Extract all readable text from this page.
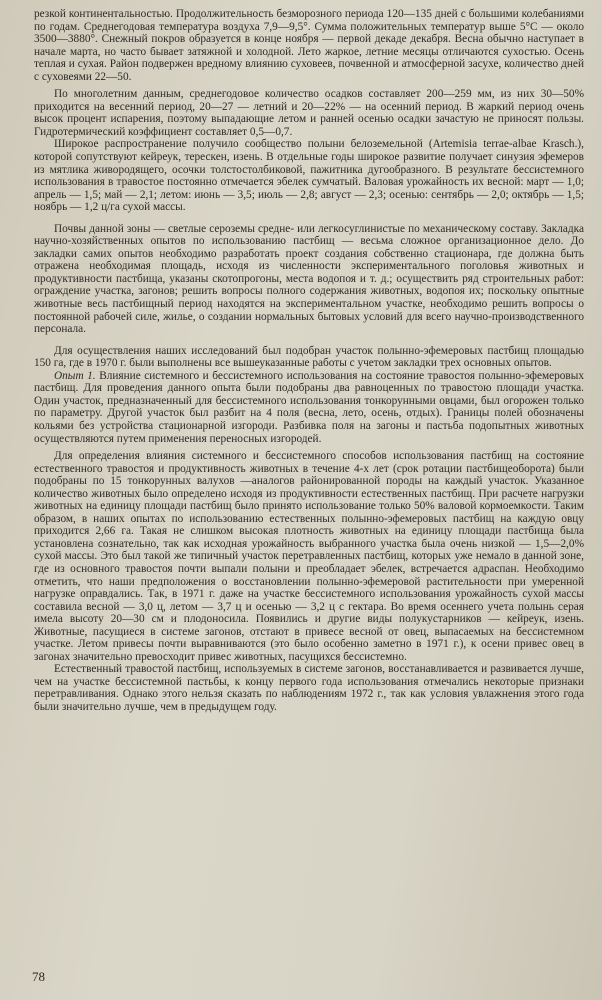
резкой континентальностью. Продолжительность безморозного периода 120—135 дней с большими колебаниями по годам. Среднегодовая температура воздуха 7,9—9,5°. Сумма положительных температур выше 5°С — около 3500—3880°. Снежный покров образуется в конце ноября — первой декаде декабря. Весна обычно наступает в начале марта, но часто бывает затяжной и холодной. Лето жаркое, летние месяцы отличаются сухостью. Осень теплая и сухая. Район подвержен вредному влиянию суховеев, почвенной и атмосферной засухе, количество дней с суховеями 22—50.

По многолетним данным, среднегодовое количество осадков составляет 200—259 мм, из них 30—50% приходится на весенний период, 20—27 — летний и 20—22% — на осенний период. В жаркий период очень высок процент испарения, поэтому выпадающие летом и ранней осенью осадки зачастую не приносят пользы. Гидротермический коэффициент составляет 0,5—0,7.

Широкое распространение получило сообщество полыни белоземельной (Artemisia terrae-albae Krasch.), которой сопутствуют кейреук, терескен, изень. В отдельные годы широкое развитие получает синузия эфемеров из мятлика живородящего, осочки толстостолбиковой, пажитника дугообразного. В результате бессистемного использования в травостое постоянно отмечается эбелек сумчатый. Валовая урожайность их весной: март — 1,0; апрель — 1,5; май — 2,1; летом: июнь — 3,5; июль — 2,8; август — 2,3; осенью: сентябрь — 2,0; октябрь — 1,5; ноябрь — 1,2 ц/га сухой массы.

Почвы данной зоны — светлые сероземы средне- или легкосуглинистые по механическому составу. Закладка научно-хозяйственных опытов по использованию пастбищ — весьма сложное организационное дело. До закладки самих опытов необходимо разработать проект создания собственно стационара, где должна быть отражена необходимая площадь, исходя из численности экспериментального поголовья животных и продуктивности пастбища, указаны скотопрогоны, места водопоя и т. д.; осуществить ряд строительных работ: ограждение участка, загонов; решить вопросы полного содержания животных, водопоя их; поскольку опытные животные весь пастбищный период находятся на экспериментальном участке, необходимо решить вопросы о постоянной рабочей силе, жилье, о создании нормальных бытовых условий для всего научно-производственного персонала.

Для осуществления наших исследований был подобран участок полынно-эфемеровых пастбищ площадью 150 га, где в 1970 г. были выполнены все вышеуказанные работы с учетом закладки трех основных опытов.

Опыт 1. Влияние системного и бессистемного использования на состояние травостоя полынно-эфемеровых пастбищ. Для проведения данного опыта были подобраны два равноценных по травостою площади участка. Один участок, предназначенный для бессистемного использования тонкорунными овцами, был огорожен только по параметру. Другой участок был разбит на 4 поля (весна, лето, осень, отдых). Границы полей обозначены кольями без устройства стационарной изгороди. Разбивка поля на загоны и пастьба подопытных животных осуществляются путем применения переносных изгородей.

Для определения влияния системного и бессистемного способов использования пастбищ на состояние естественного травостоя и продуктивность животных в течение 4-х лет (срок ротации пастбищеоборота) были подобраны по 15 тонкорунных валухов —аналогов районированной породы на каждый участок. Указанное количество животных было определено исходя из продуктивности естественных пастбищ. При расчете нагрузки животных на единицу площади пастбищ было принято использование только 50% валовой кормоемкости. Таким образом, в наших опытах по использованию естественных полынно-эфемеровых пастбищ на каждую овцу приходится 2,66 га. Такая не слишком высокая плотность животных на единицу площади пастбища была установлена сознательно, так как исходная урожайность выбранного участка была очень низкой — 1,5—2,0% сухой массы. Это был такой же типичный участок перетравленных пастбищ, которых уже немало в данной зоне, где из основного травостоя почти выпали полыни и преобладает эбелек, встречается адраспан. Необходимо отметить, что наши предположения о восстановлении полынно-эфемеровой растительности при умеренной нагрузке оправдались. Так, в 1971 г. даже на участке бессистемного использования урожайность сухой массы составила весной — 3,0 ц, летом — 3,7 ц и осенью — 3,2 ц с гектара. Во время осеннего учета полынь серая имела высоту 20—30 см и плодоносила. Появились и другие виды полукустарников — кейреук, изень. Животные, пасущиеся в системе загонов, отстают в привесе весной от овец, выпасаемых на бессистемном участке. Летом привесы почти выравниваются (это было особенно заметно в 1971 г.), к осени привес овец в загонах значительно превосходит привес животных, пасущихся бессистемно.

Естественный травостой пастбищ, используемых в системе загонов, восстанавливается и развивается лучше, чем на участке бессистемной пастьбы, к концу первого года использования отмечались некоторые признаки перетравливания. Однако этого нельзя сказать по наблюдениям 1972 г., так как условия увлажнения этого года были значительно лучше, чем в предыдущем году.

78
